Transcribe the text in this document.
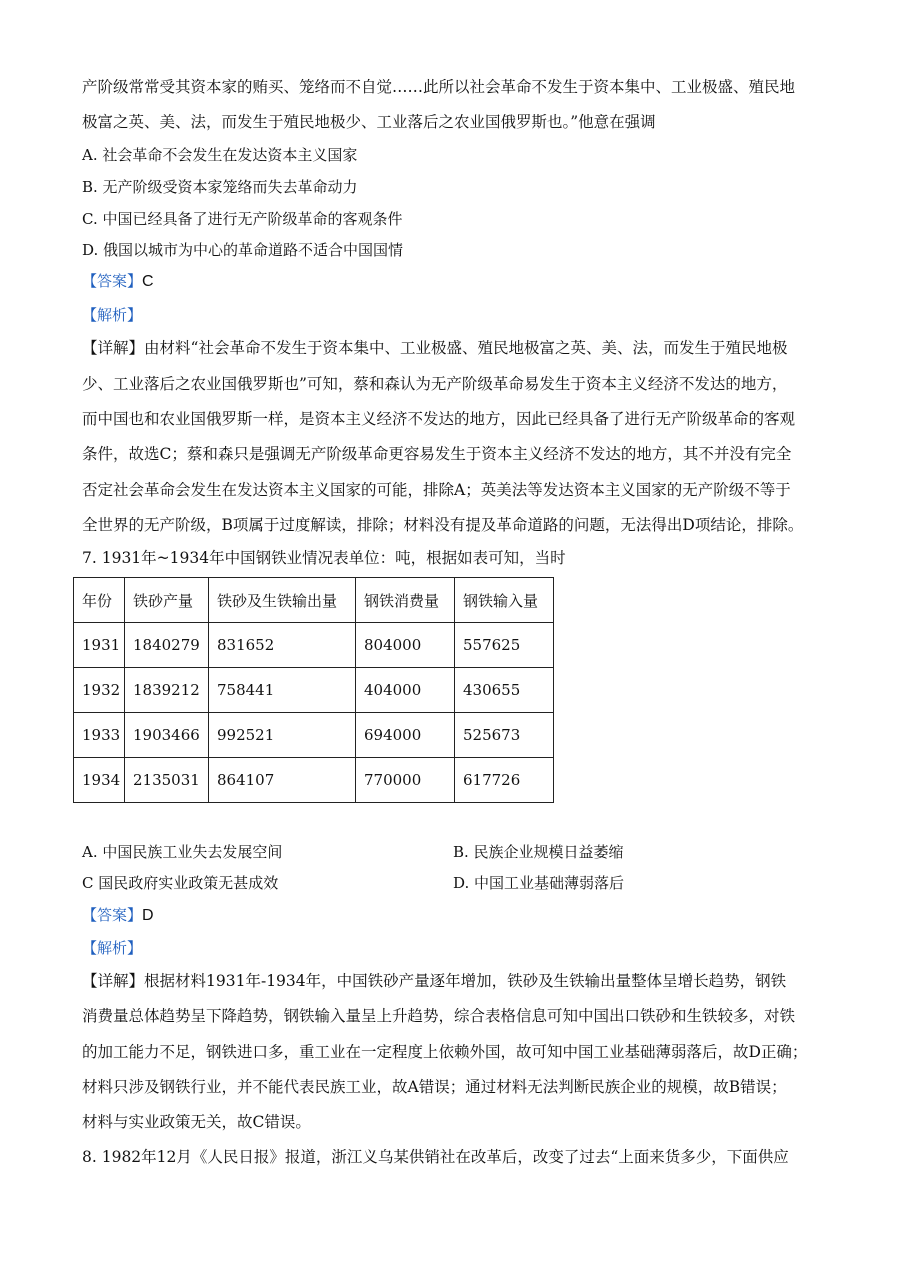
产阶级常常受其资本家的贿买、笼络而不自觉……此所以社会革命不发生于资本集中、工业极盛、殖民地
极富之英、美、法，而发生于殖民地极少、工业落后之农业国俄罗斯也。”他意在强调
A. 社会革命不会发生在发达资本主义国家
B. 无产阶级受资本家笼络而失去革命动力
C. 中国已经具备了进行无产阶级革命的客观条件
D. 俄国以城市为中心的革命道路不适合中国国情
【答案】C
【解析】
【详解】由材料“社会革命不发生于资本集中、工业极盛、殖民地极富之英、美、法，而发生于殖民地极
少、工业落后之农业国俄罗斯也”可知，蔡和森认为无产阶级革命易发生于资本主义经济不发达的地方，
而中国也和农业国俄罗斯一样，是资本主义经济不发达的地方，因此已经具备了进行无产阶级革命的客观
条件，故选C；蔡和森只是强调无产阶级革命更容易发生于资本主义经济不发达的地方，其不并没有完全
否定社会革命会发生在发达资本主义国家的可能，排除A；英美法等发达资本主义国家的无产阶级不等于
全世界的无产阶级，B项属于过度解读，排除；材料没有提及革命道路的问题，无法得出D项结论，排除。
7. 1931年~1934年中国钢铁业情况表单位：吨，根据如表可知，当时
年份	铁砂产量	铁砂及生铁输出量	钢铁消费量	钢铁输入量
1931	1840279	831652	804000	557625
1932	1839212	758441	404000	430655
1933	1903466	992521	694000	525673
1934	2135031	864107	770000	617726
A. 中国民族工业失去发展空间	B. 民族企业规模日益萎缩
C 国民政府实业政策无甚成效	D. 中国工业基础薄弱落后
【答案】D
【解析】
【详解】根据材料1931年-1934年，中国铁砂产量逐年增加，铁砂及生铁输出量整体呈增长趋势，钢铁
消费量总体趋势呈下降趋势，钢铁输入量呈上升趋势，综合表格信息可知中国出口铁砂和生铁较多，对铁
的加工能力不足，钢铁进口多，重工业在一定程度上依赖外国，故可知中国工业基础薄弱落后，故D正确；
材料只涉及钢铁行业，并不能代表民族工业，故A错误；通过材料无法判断民族企业的规模，故B错误；
材料与实业政策无关，故C错误。
8. 1982年12月《人民日报》报道，浙江义乌某供销社在改革后，改变了过去“上面来货多少，下面供应
